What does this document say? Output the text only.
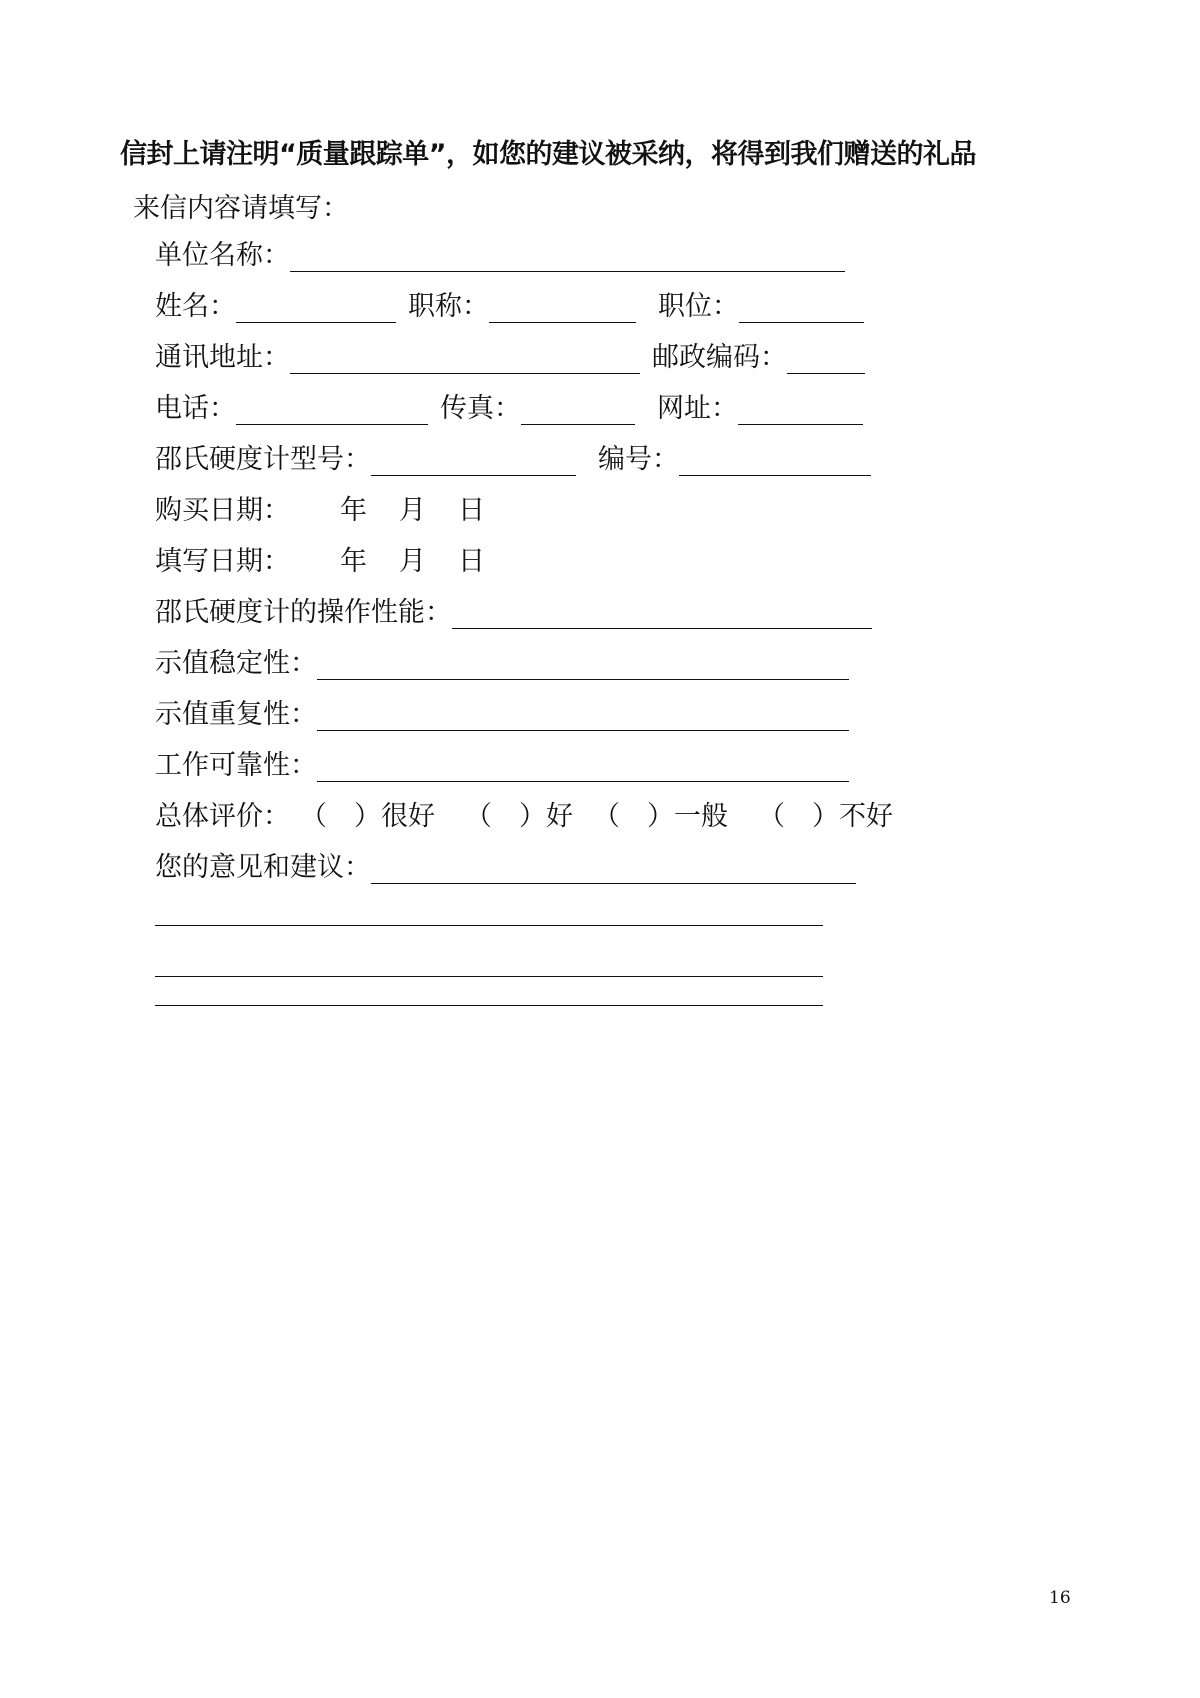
信封上请注明“质量跟踪单”，如您的建议被采纳，将得到我们赠送的礼品
来信内容请填写：
单位名称：
姓名：	职称：	职位：
通讯地址：	邮政编码：
电话：	传真：	网址：
邵氏硬度计型号：	编号：
购买日期： 年 月 日
填写日期： 年 月 日
邵氏硬度计的操作性能：
示值稳定性：
示值重复性：
工作可靠性：
总体评价： （　） 很好 （　） 好 （　） 一般 （　） 不好
您的意见和建议：
16
